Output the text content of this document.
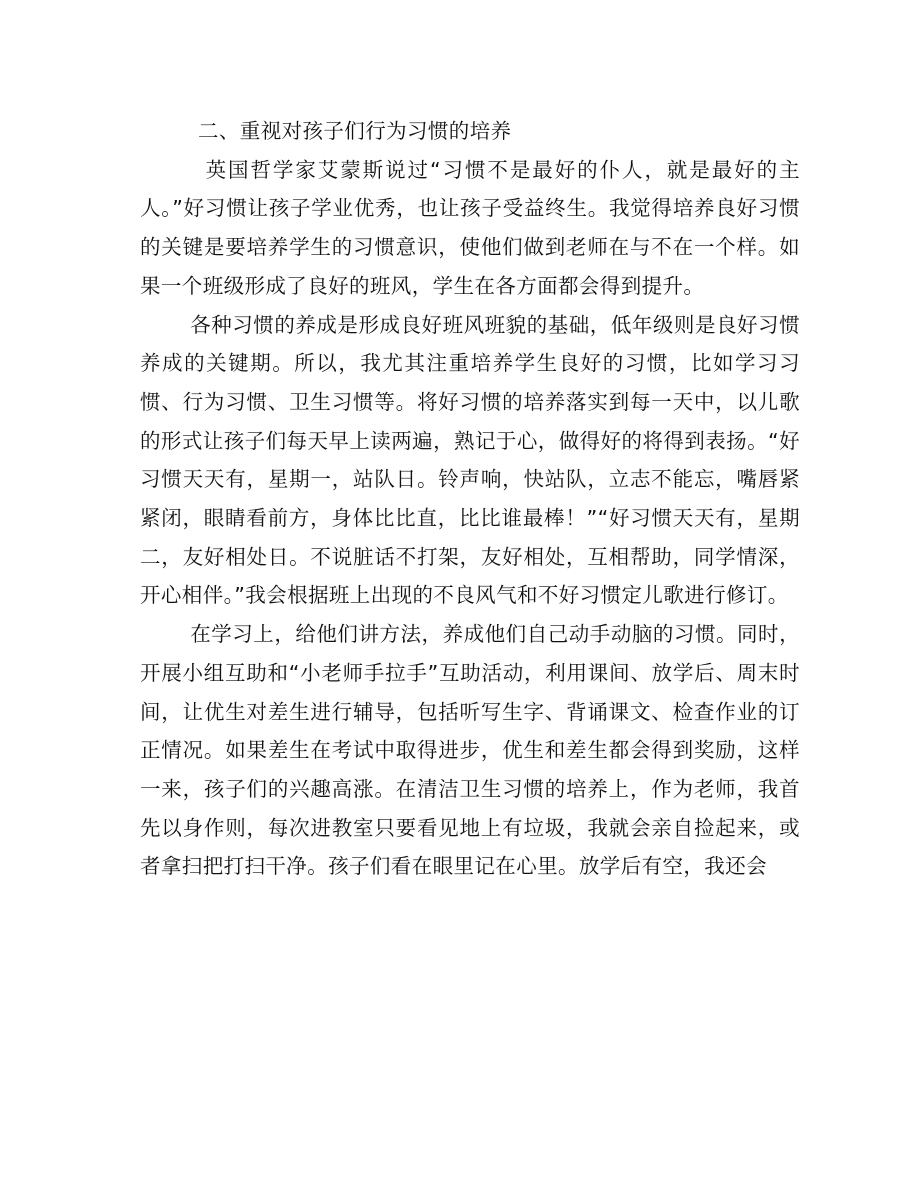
二、重视对孩子们行为习惯的培养

英国哲学家艾蒙斯说过“习惯不是最好的仆人，就是最好的主人。”好习惯让孩子学业优秀，也让孩子受益终生。我觉得培养良好习惯的关键是要培养学生的习惯意识，使他们做到老师在与不在一个样。如果一个班级形成了良好的班风，学生在各方面都会得到提升。

各种习惯的养成是形成良好班风班貌的基础，低年级则是良好习惯养成的关键期。所以，我尤其注重培养学生良好的习惯，比如学习习惯、行为习惯、卫生习惯等。将好习惯的培养落实到每一天中，以儿歌的形式让孩子们每天早上读两遍，熟记于心，做得好的将得到表扬。“好习惯天天有，星期一，站队日。铃声响，快站队，立志不能忘，嘴唇紧紧闭，眼睛看前方，身体比比直，比比谁最棒！”“好习惯天天有，星期二，友好相处日。不说脏话不打架，友好相处，互相帮助，同学情深，开心相伴。”我会根据班上出现的不良风气和不好习惯定儿歌进行修订。

在学习上，给他们讲方法，养成他们自己动手动脑的习惯。同时，开展小组互助和“小老师手拉手”互助活动，利用课间、放学后、周末时间，让优生对差生进行辅导，包括听写生字、背诵课文、检查作业的订正情况。如果差生在考试中取得进步，优生和差生都会得到奖励，这样一来，孩子们的兴趣高涨。在清洁卫生习惯的培养上，作为老师，我首先以身作则，每次进教室只要看见地上有垃圾，我就会亲自捡起来，或者拿扫把打扫干净。孩子们看在眼里记在心里。放学后有空，我还会
